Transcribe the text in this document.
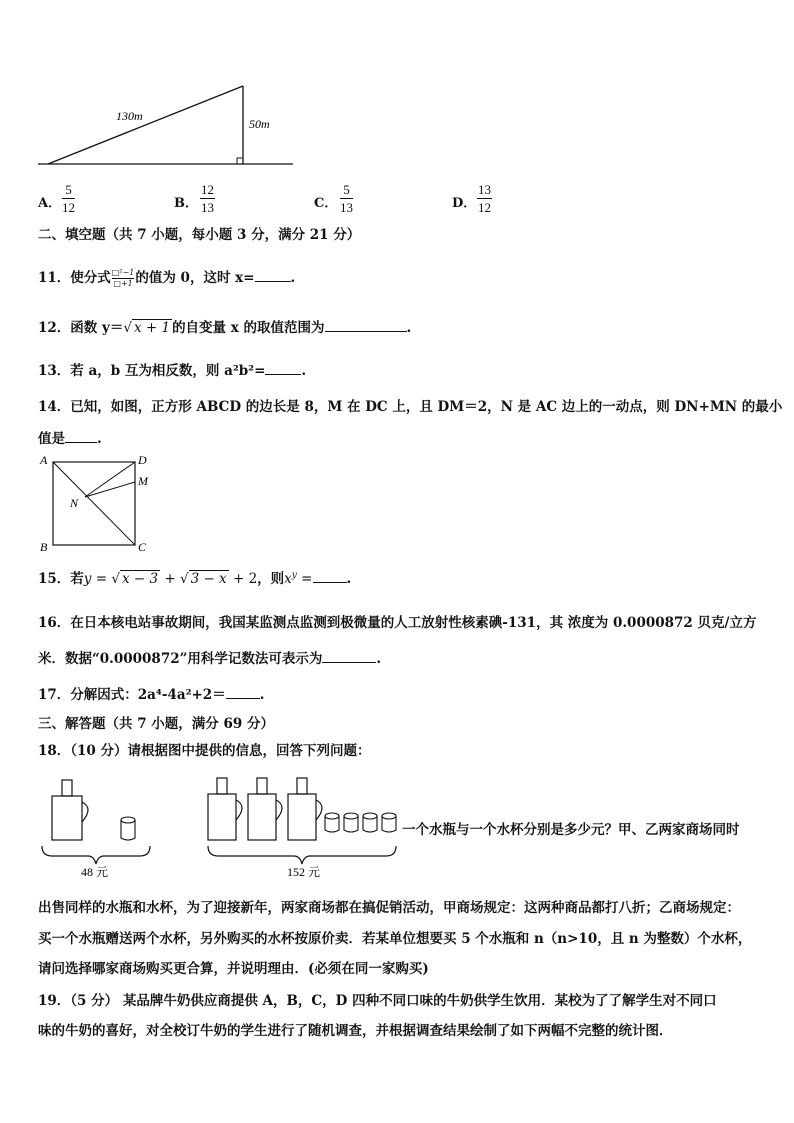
130m
50m
A． $\frac{5}{12}$	B． $\frac{12}{13}$	C． $\frac{5}{13}$	D． $\frac{13}{12}$
二、填空题（共 7 小题，每小题 3 分，满分 21 分）
11．使分式 $\frac{\text{□²−1}}{□+1}$ 的值为 0，这时 x=	.
12．函数 y＝√ x + 1 的自变量 x 的取值范围为	.
13．若 a，b 互为相反数，则 a²b²=	.
14．已知，如图，正方形 ABCD 的边长是 8，M 在 DC 上，且 DM＝2，N 是 AC 边上的一动点，则 DN+MN 的最小
值是 .
A	D
M
N
B	C
15．若y = √ x − 3 + √ 3 − x + 2，则$x^y$ =	.
16．在日本核电站事故期间，我国某监测点监测到极微量的人工放射性核素碘-131，其 浓度为 0.0000872 贝克/立方
米．数据“0.0000872”用科学记数法可表示为	.
17．分解因式：2a⁴-4a²+2＝	.
三、解答题（共 7 小题，满分 69 分）
18．（10 分）请根据图中提供的信息，回答下列问题：
48 元	152 元
一个水瓶与一个水杯分别是多少元？甲、乙两家商场同时
出售同样的水瓶和水杯，为了迎接新年，两家商场都在搞促销活动，甲商场规定：这两种商品都打八折；乙商场规定：
买一个水瓶赠送两个水杯，另外购买的水杯按原价卖．若某单位想要买 5 个水瓶和 n（n>10，且 n 为整数）个水杯，
请问选择哪家商场购买更合算，并说明理由．(必须在同一家购买)
19．（5 分） 某品牌牛奶供应商提供 A，B，C，D 四种不同口味的牛奶供学生饮用．某校为了了解学生对不同口
味的牛奶的喜好，对全校订牛奶的学生进行了随机调查，并根据调查结果绘制了如下两幅不完整的统计图．
